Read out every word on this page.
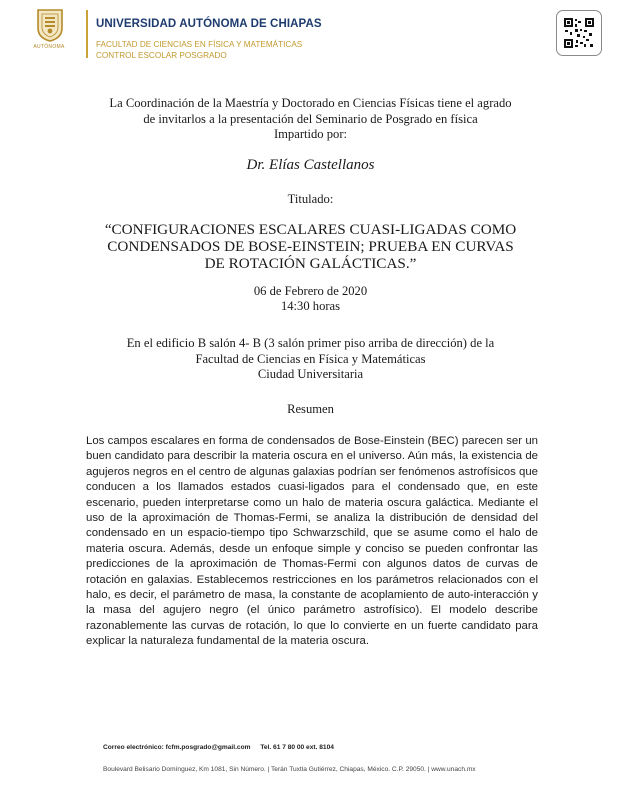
AUTÓNOMA
UNIVERSIDAD AUTÓNOMA DE CHIAPAS
FACULTAD DE CIENCIAS EN FÍSICA Y MATEMÁTICAS
CONTROL ESCOLAR POSGRADO
La Coordinación de la Maestría y Doctorado en Ciencias Físicas tiene el agrado
de invitarlos a la presentación del Seminario de Posgrado en física
Impartido por:
Dr. Elías Castellanos
Titulado:
“CONFIGURACIONES ESCALARES CUASI-LIGADAS COMO
CONDENSADOS DE BOSE-EINSTEIN; PRUEBA EN CURVAS
DE ROTACIÓN GALÁCTICAS.”
06 de Febrero de 2020
14:30 horas
En el edificio B salón 4- B (3 salón primer piso arriba de dirección) de la
Facultad de Ciencias en Física y Matemáticas
Ciudad Universitaria
Resumen
Los campos escalares en forma de condensados de Bose-Einstein (BEC) parecen ser un buen candidato para describir la materia oscura en el universo. Aún más, la existencia de agujeros negros en el centro de algunas galaxias podrían ser fenómenos astrofísicos que conducen a los llamados estados cuasi-ligados para el condensado que, en este escenario, pueden interpretarse como un halo de materia oscura galáctica. Mediante el uso de la aproximación de Thomas-Fermi, se analiza la distribución de densidad del condensado en un espacio-tiempo tipo Schwarzschild, que se asume como el halo de materia oscura. Además, desde un enfoque simple y conciso se pueden confrontar las predicciones de la aproximación de Thomas-Fermi con algunos datos de curvas de rotación en galaxias. Establecemos restricciones en los parámetros relacionados con el halo, es decir, el parámetro de masa, la constante de acoplamiento de auto-interacción y la masa del agujero negro (el único parámetro astrofísico). El modelo describe razonablemente las curvas de rotación, lo que lo convierte en un fuerte candidato para explicar la naturaleza fundamental de la materia oscura.
Correo electrónico: fcfm.posgrado@gmail.com Tel. 61 7 80 00 ext. 8104
Boulevard Belisario Domínguez, Km 1081, Sin Número. | Terán Tuxtla Gutiérrez, Chiapas, México. C.P. 29050. | www.unach.mx
